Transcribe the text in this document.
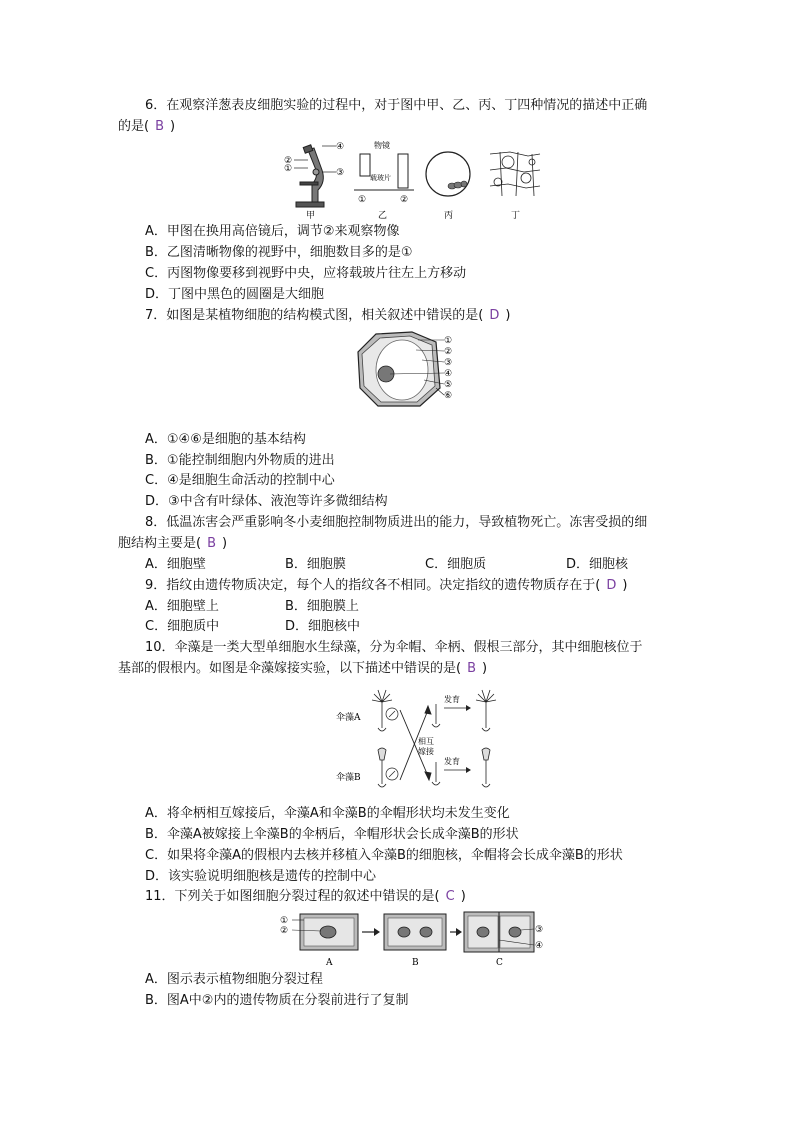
6．在观察洋葱表皮细胞实验的过程中，对于图中甲、乙、丙、丁四种情况的描述中正确
的是( B )
②
①
④
③
甲
物镜
载玻片
①	②
乙	丙	丁
A．甲图在换用高倍镜后，调节②来观察物像
B．乙图清晰物像的视野中，细胞数目多的是①
C．丙图物像要移到视野中央，应将载玻片往左上方移动
D．丁图中黑色的圆圈是大细胞
7．如图是某植物细胞的结构模式图，相关叙述中错误的是( D )
①
②
③
④
⑤
⑥
A．①④⑥是细胞的基本结构
B．①能控制细胞内外物质的进出
C．④是细胞生命活动的控制中心
D．③中含有叶绿体、液泡等许多微细结构
8．低温冻害会严重影响冬小麦细胞控制物质进出的能力，导致植物死亡。冻害受损的细
胞结构主要是( B )
A．细胞壁	B．细胞膜	C．细胞质	D．细胞核
9．指纹由遗传物质决定，每个人的指纹各不相同。决定指纹的遗传物质存在于( D )
A．细胞壁上	B．细胞膜上
C．细胞质中	D．细胞核中
10．伞藻是一类大型单细胞水生绿藻，分为伞帽、伞柄、假根三部分，其中细胞核位于
基部的假根内。如图是伞藻嫁接实验，以下描述中错误的是( B )
伞藻A
伞藻B
相互
嫁接
发育
发育
A．将伞柄相互嫁接后，伞藻A和伞藻B的伞帽形状均未发生变化
B．伞藻A被嫁接上伞藻B的伞柄后，伞帽形状会长成伞藻B的形状
C．如果将伞藻A的假根内去核并移植入伞藻B的细胞核，伞帽将会长成伞藻B的形状
D．该实验说明细胞核是遗传的控制中心
11．下列关于如图细胞分裂过程的叙述中错误的是( C )
①
②
A	B
③
④
C
A．图示表示植物细胞分裂过程
B．图A中②内的遗传物质在分裂前进行了复制
